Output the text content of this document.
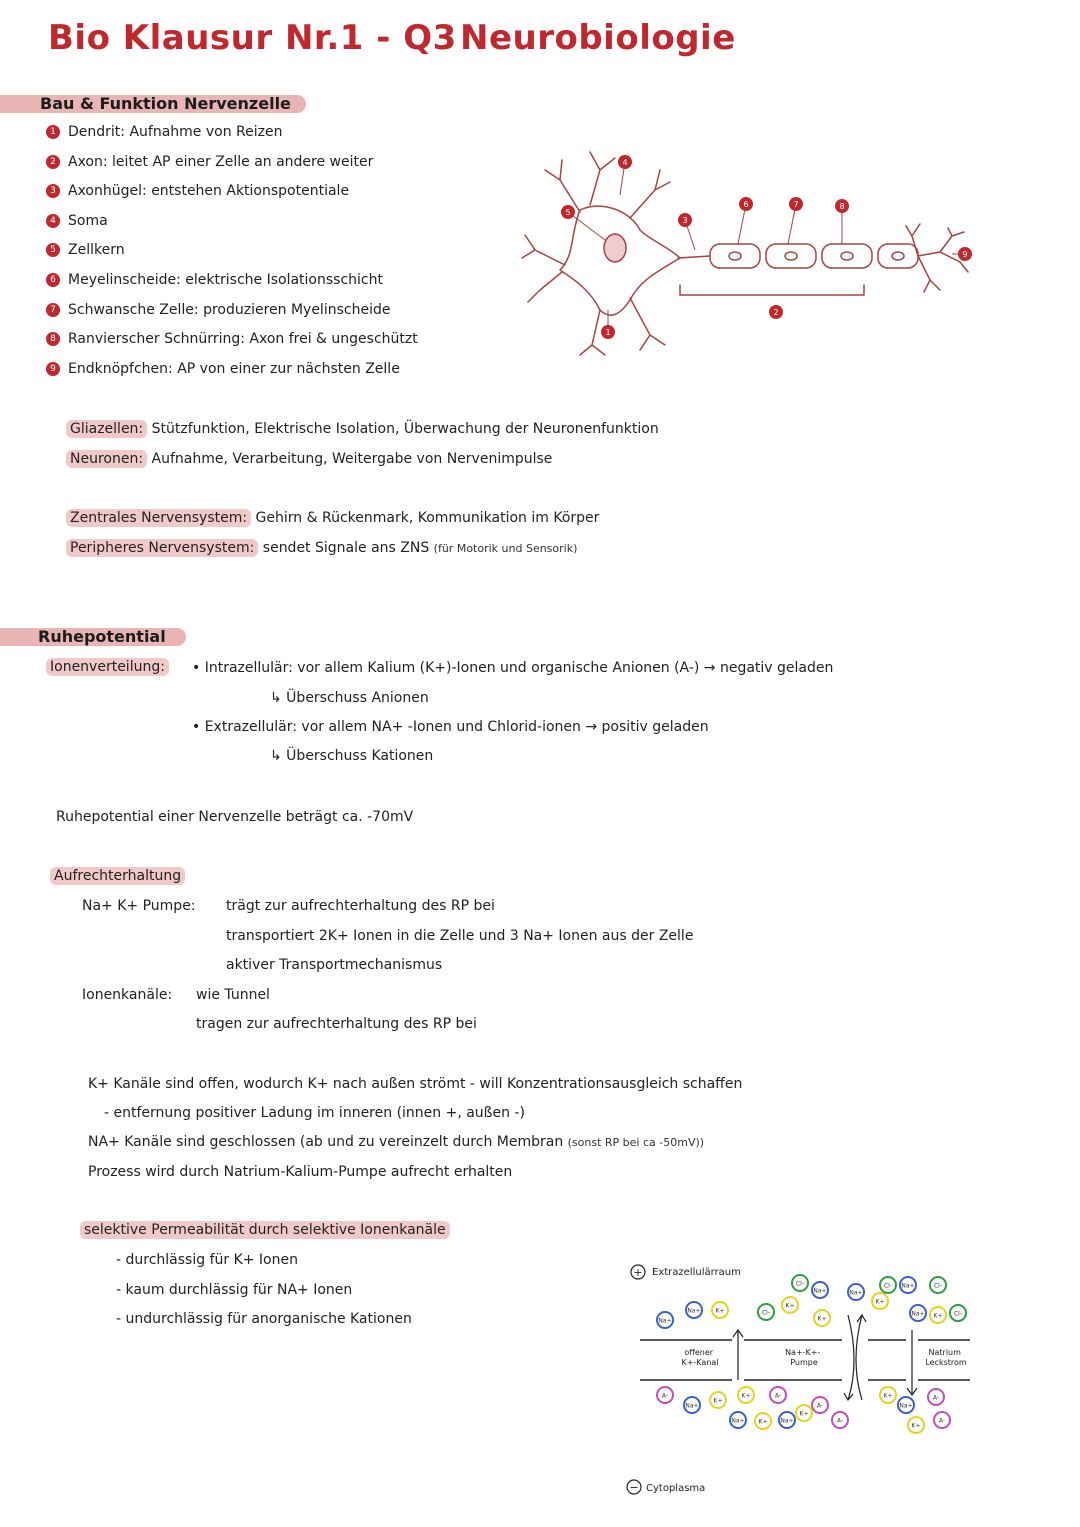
Bio Klausur Nr.1 - Q3 Neurobiologie
Bau & Funktion Nervenzelle
1 Dendrit: Aufnahme von Reizen
2 Axon: leitet AP einer Zelle an andere weiter
3 Axonhügel: entstehen Aktionspotentiale
4 Soma
5 Zellkern
6 Meyelinscheide: elektrische Isolationsschicht
7 Schwansche Zelle: produzieren Myelinscheide
8 Ranvierscher Schnürring: Axon frei & ungeschützt
9 Endknöpfchen: AP von einer zur nächsten Zelle
1
2
3
4
5
6	7	8
9
Gliazellen: Stützfunktion, Elektrische Isolation, Überwachung der Neuronenfunktion
Neuronen: Aufnahme, Verarbeitung, Weitergabe von Nervenimpulse
Zentrales Nervensystem: Gehirn & Rückenmark, Kommunikation im Körper
Peripheres Nervensystem: sendet Signale ans ZNS (für Motorik und Sensorik)
Ruhepotential
Ionenverteilung: • Intrazellulär: vor allem Kalium (K+)-Ionen und organische Anionen (A-) → negativ geladen
↳ Überschuss Anionen
• Extrazellulär: vor allem NA+ -Ionen und Chlorid-ionen → positiv geladen
↳ Überschuss Kationen
Ruhepotential einer Nervenzelle beträgt ca. -70mV
Aufrechterhaltung
Na+ K+ Pumpe: trägt zur aufrechterhaltung des RP bei
transportiert 2K+ Ionen in die Zelle und 3 Na+ Ionen aus der Zelle
aktiver Transportmechanismus
Ionenkanäle: wie Tunnel
tragen zur aufrechterhaltung des RP bei
K+ Kanäle sind offen, wodurch K+ nach außen strömt - will Konzentrationsausgleich schaffen
- entfernung positiver Ladung im inneren (innen +, außen -)
NA+ Kanäle sind geschlossen (ab und zu vereinzelt durch Membran (sonst RP bei ca -50mV))
Prozess wird durch Natrium-Kalium-Pumpe aufrecht erhalten
selektive Permeabilität durch selektive Ionenkanäle
- durchlässig für K+ Ionen
- kaum durchlässig für NA+ Ionen
- undurchlässig für anorganische Kationen
+ Extrazellulärraum
− Cytoplasma
offener K+-Kanal
Na+-K+- Pumpe
Natrium Leckstrom
Na+
Na+ K+	Cl-
K+
Cl-
Na+	Na+
K+
Cl- Na+	Cl-
Na+	Cl-
K+
K+
A-
Na+
K+
K+	A-
K+
Na+
A-
A-
K+
Na+
K+
A-
A-
K+
Na+
